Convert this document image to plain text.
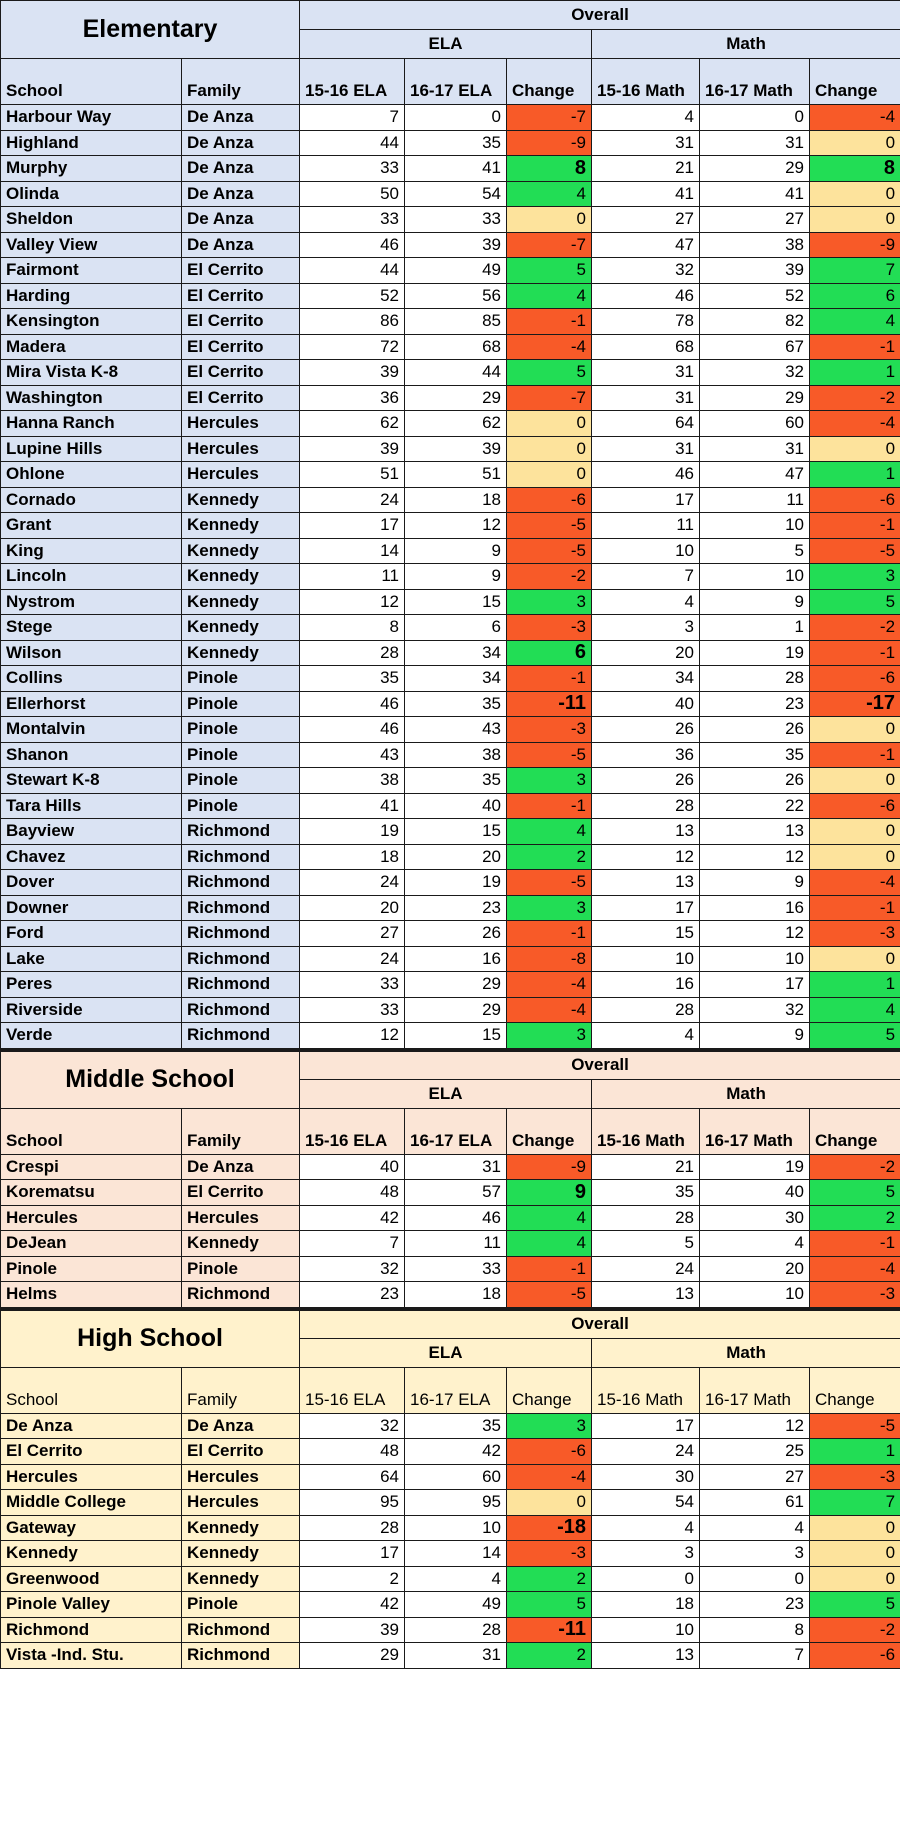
Elementary		Overall					
		ELA			Math		
School	Family	15-16 ELA	16-17 ELA	Change	15-16 Math	16-17 Math	Change
Harbour Way	De Anza	7	0	-7	4	0	-4
Highland	De Anza	44	35	-9	31	31	0
Murphy	De Anza	33	41	8	21	29	8
Olinda	De Anza	50	54	4	41	41	0
Sheldon	De Anza	33	33	0	27	27	0
Valley View	De Anza	46	39	-7	47	38	-9
Fairmont	El Cerrito	44	49	5	32	39	7
Harding	El Cerrito	52	56	4	46	52	6
Kensington	El Cerrito	86	85	-1	78	82	4
Madera	El Cerrito	72	68	-4	68	67	-1
Mira Vista K-8	El Cerrito	39	44	5	31	32	1
Washington	El Cerrito	36	29	-7	31	29	-2
Hanna Ranch	Hercules	62	62	0	64	60	-4
Lupine Hills	Hercules	39	39	0	31	31	0
Ohlone	Hercules	51	51	0	46	47	1
Cornado	Kennedy	24	18	-6	17	11	-6
Grant	Kennedy	17	12	-5	11	10	-1
King	Kennedy	14	9	-5	10	5	-5
Lincoln	Kennedy	11	9	-2	7	10	3
Nystrom	Kennedy	12	15	3	4	9	5
Stege	Kennedy	8	6	-3	3	1	-2
Wilson	Kennedy	28	34	6	20	19	-1
Collins	Pinole	35	34	-1	34	28	-6
Ellerhorst	Pinole	46	35	-11	40	23	-17
Montalvin	Pinole	46	43	-3	26	26	0
Shanon	Pinole	43	38	-5	36	35	-1
Stewart K-8	Pinole	38	35	3	26	26	0
Tara Hills	Pinole	41	40	-1	28	22	-6
Bayview	Richmond	19	15	4	13	13	0
Chavez	Richmond	18	20	2	12	12	0
Dover	Richmond	24	19	-5	13	9	-4
Downer	Richmond	20	23	3	17	16	-1
Ford	Richmond	27	26	-1	15	12	-3
Lake	Richmond	24	16	-8	10	10	0
Peres	Richmond	33	29	-4	16	17	1
Riverside	Richmond	33	29	-4	28	32	4
Verde	Richmond	12	15	3	4	9	5
Middle School		Overall					
		ELA			Math		
School	Family	15-16 ELA	16-17 ELA	Change	15-16 Math	16-17 Math	Change
Crespi	De Anza	40	31	-9	21	19	-2
Korematsu	El Cerrito	48	57	9	35	40	5
Hercules	Hercules	42	46	4	28	30	2
DeJean	Kennedy	7	11	4	5	4	-1
Pinole	Pinole	32	33	-1	24	20	-4
Helms	Richmond	23	18	-5	13	10	-3
High School		Overall					
		ELA			Math		
School	Family	15-16 ELA	16-17 ELA	Change	15-16 Math	16-17 Math	Change
De Anza	De Anza	32	35	3	17	12	-5
El Cerrito	El Cerrito	48	42	-6	24	25	1
Hercules	Hercules	64	60	-4	30	27	-3
Middle College	Hercules	95	95	0	54	61	7
Gateway	Kennedy	28	10	-18	4	4	0
Kennedy	Kennedy	17	14	-3	3	3	0
Greenwood	Kennedy	2	4	2	0	0	0
Pinole Valley	Pinole	42	49	5	18	23	5
Richmond	Richmond	39	28	-11	10	8	-2
Vista -Ind. Stu.	Richmond	29	31	2	13	7	-6
